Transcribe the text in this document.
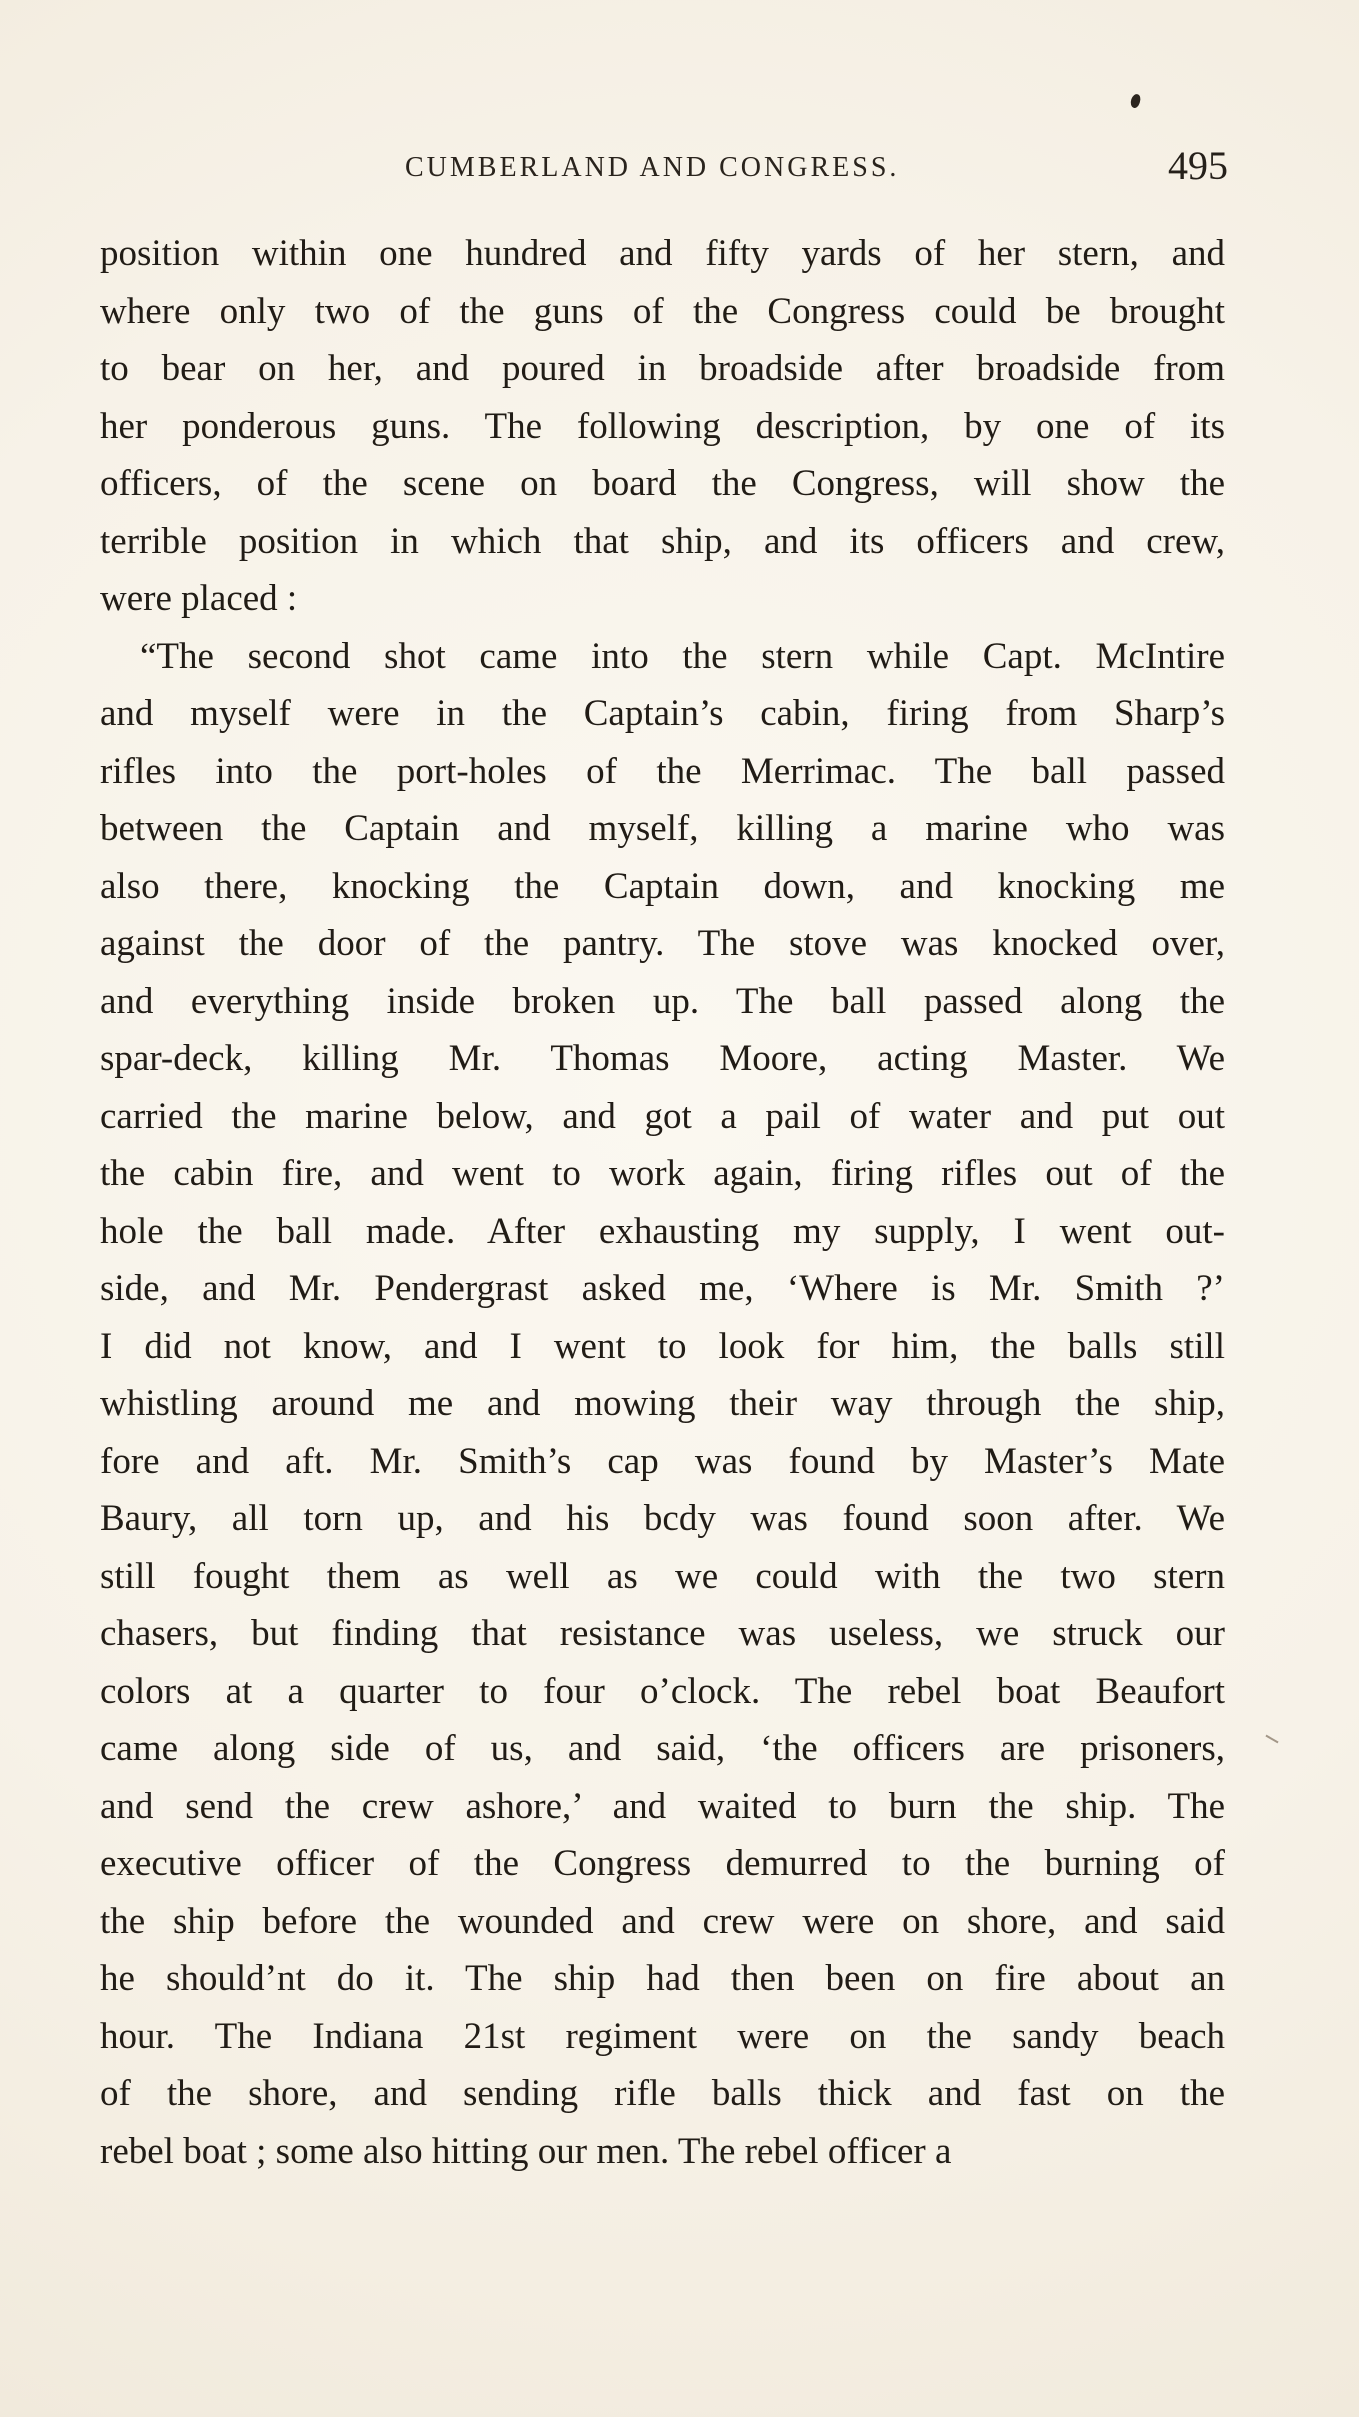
CUMBERLAND AND CONGRESS.	495
position within one hundred and fifty yards of her stern, and
where only two of the guns of the Congress could be brought
to bear on her, and poured in broadside after broadside from
her ponderous guns. The following description, by one of its
officers, of the scene on board the Congress, will show the
terrible position in which that ship, and its officers and crew,
were placed :
“The second shot came into the stern while Capt. McIntire
and myself were in the Captain’s cabin, firing from Sharp’s
rifles into the port-holes of the Merrimac. The ball passed
between the Captain and myself, killing a marine who was
also there, knocking the Captain down, and knocking me
against the door of the pantry. The stove was knocked over,
and everything inside broken up. The ball passed along the
spar-deck, killing Mr. Thomas Moore, acting Master. We
carried the marine below, and got a pail of water and put out
the cabin fire, and went to work again, firing rifles out of the
hole the ball made. After exhausting my supply, I went out-
side, and Mr. Pendergrast asked me, ‘Where is Mr. Smith ?’
I did not know, and I went to look for him, the balls still
whistling around me and mowing their way through the ship,
fore and aft. Mr. Smith’s cap was found by Master’s Mate
Baury, all torn up, and his bcdy was found soon after. We
still fought them as well as we could with the two stern
chasers, but finding that resistance was useless, we struck our
colors at a quarter to four o’clock. The rebel boat Beaufort
came along side of us, and said, ‘the officers are prisoners,
and send the crew ashore,’ and waited to burn the ship. The
executive officer of the Congress demurred to the burning of
the ship before the wounded and crew were on shore, and said
he should’nt do it. The ship had then been on fire about an
hour. The Indiana 21st regiment were on the sandy beach
of the shore, and sending rifle balls thick and fast on the
rebel boat ; some also hitting our men. The rebel officer a
